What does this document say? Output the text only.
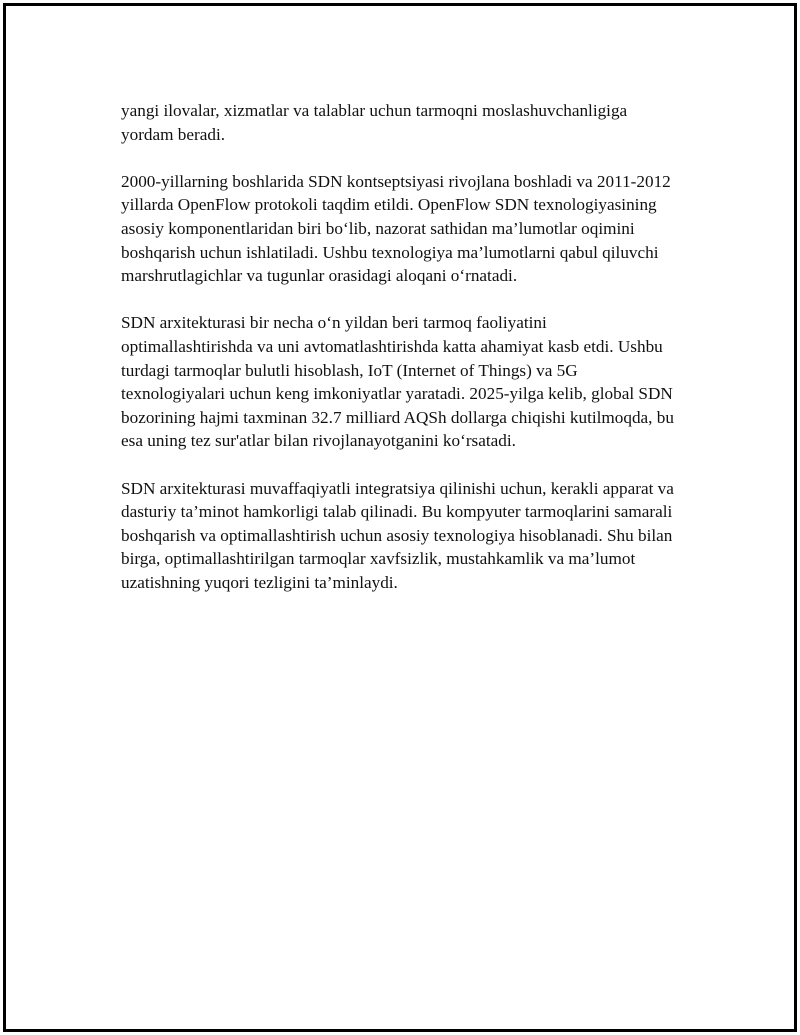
yangi ilovalar, xizmatlar va talablar uchun tarmoqni moslashuvchanligiga yordam beradi.

2000-yillarning boshlarida SDN kontseptsiyasi rivojlana boshladi va 2011-2012 yillarda OpenFlow protokoli taqdim etildi. OpenFlow SDN texnologiyasining asosiy komponentlaridan biri bo‘lib, nazorat sathidan ma’lumotlar oqimini boshqarish uchun ishlatiladi. Ushbu texnologiya ma’lumotlarni qabul qiluvchi marshrutlagichlar va tugunlar orasidagi aloqani o‘rnatadi.

SDN arxitekturasi bir necha o‘n yildan beri tarmoq faoliyatini optimallashtirishda va uni avtomatlashtirishda katta ahamiyat kasb etdi. Ushbu turdagi tarmoqlar bulutli hisoblash, IoT (Internet of Things) va 5G texnologiyalari uchun keng imkoniyatlar yaratadi. 2025-yilga kelib, global SDN bozorining hajmi taxminan 32.7 milliard AQSh dollarga chiqishi kutilmoqda, bu esa uning tez sur'atlar bilan rivojlanayotganini ko‘rsatadi.

SDN arxitekturasi muvaffaqiyatli integratsiya qilinishi uchun, kerakli apparat va dasturiy ta’minot hamkorligi talab qilinadi. Bu kompyuter tarmoqlarini samarali boshqarish va optimallashtirish uchun asosiy texnologiya hisoblanadi. Shu bilan birga, optimallashtirilgan tarmoqlar xavfsizlik, mustahkamlik va ma’lumot uzatishning yuqori tezligini ta’minlaydi.
